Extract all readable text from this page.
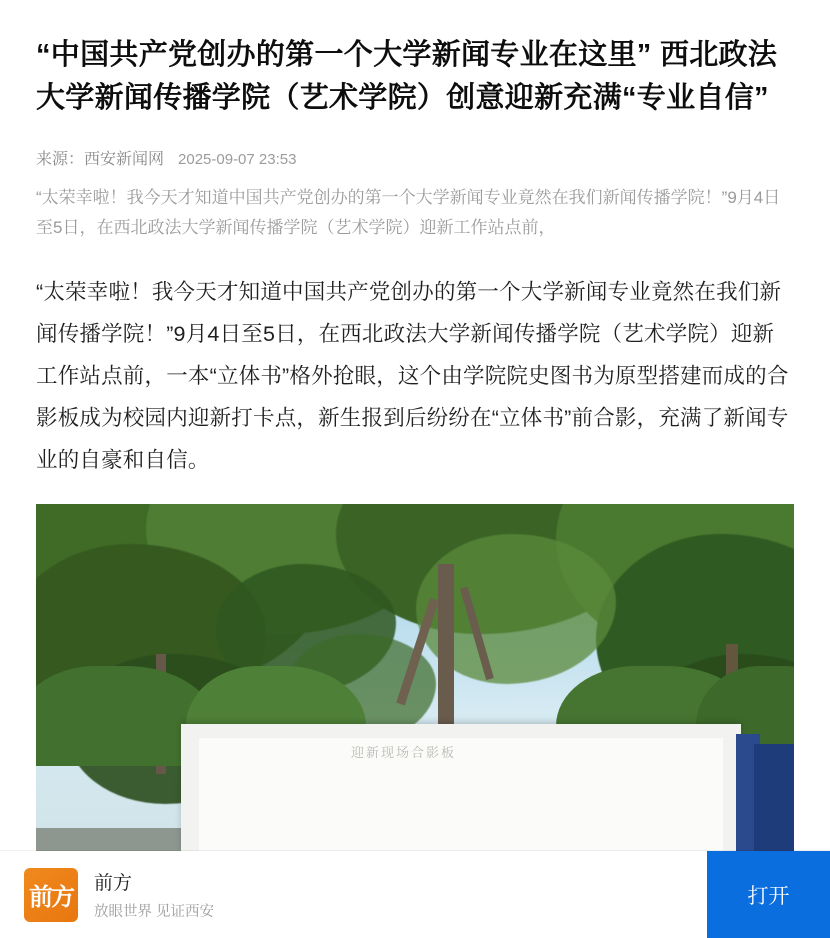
“中国共产党创办的第一个大学新闻专业在这里” 西北政法大学新闻传播学院（艺术学院）创意迎新充满“专业自信”
来源：西安新闻网 2025-09-07 23:53

“太荣幸啦！我今天才知道中国共产党创办的第一个大学新闻专业竟然在我们新闻传播学院！”9月4日至5日，在西北政法大学新闻传播学院（艺术学院）迎新工作站点前，

“太荣幸啦！我今天才知道中国共产党创办的第一个大学新闻专业竟然在我们新闻传播学院！”9月4日至5日，在西北政法大学新闻传播学院（艺术学院）迎新工作站点前，一本“立体书”格外抢眼，这个由学院院史图书为原型搭建而成的合影板成为校园内迎新打卡点，新生报到后纷纷在“立体书”前合影，充满了新闻专业的自豪和自信。

迎新现场合影板
前方
前方
放眼世界 见证西安
打开
